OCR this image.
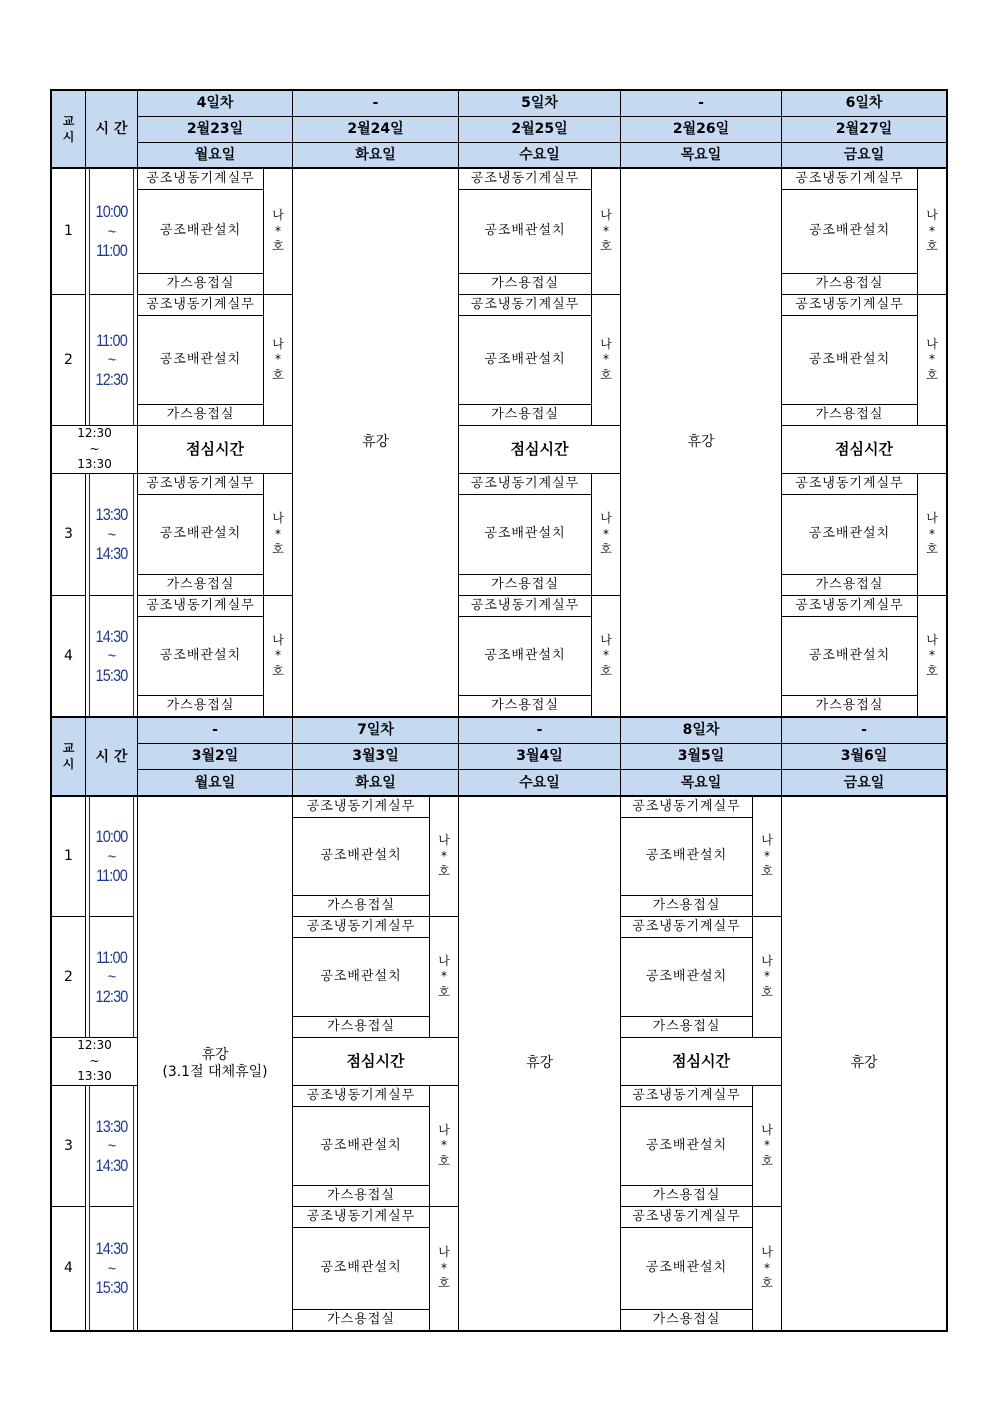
교
시 시 간
4일차
2월23일
월요일
공조냉동기계실무
공조배관설치
가스용접실
나
*
호
공조냉동기계실무
공조배관설치
가스용접실
나
*
호
공조냉동기계실무
공조배관설치
가스용접실
나
*
호
공조냉동기계실무
공조배관설치
가스용접실
나
*
호
점심시간
-
2월24일
화요일
휴강
5일차
2월25일
수요일
공조냉동기계실무
공조배관설치
가스용접실
나
*
호
공조냉동기계실무
공조배관설치
가스용접실
나
*
호
공조냉동기계실무
공조배관설치
가스용접실
나
*
호
공조냉동기계실무
공조배관설치
가스용접실
나
*
호
점심시간
-
2월26일
목요일
휴강
6일차
2월27일
금요일
공조냉동기계실무
공조배관설치
가스용접실
나
*
호
공조냉동기계실무
공조배관설치
가스용접실
나
*
호
공조냉동기계실무
공조배관설치
가스용접실
나
*
호
공조냉동기계실무
공조배관설치
가스용접실
나
*
호
점심시간
1
10:00
~
11:00
2
11:00
~
12:30
3
13:30
~
14:30
4
14:30
~
15:30
12:30
~
13:30
교
시 시 간
-
3월2일
월요일
휴강
(3.1절 대체휴일)
7일차
3월3일
화요일
공조냉동기계실무
공조배관설치
가스용접실
나
*
호
공조냉동기계실무
공조배관설치
가스용접실
나
*
호
공조냉동기계실무
공조배관설치
가스용접실
나
*
호
공조냉동기계실무
공조배관설치
가스용접실
나
*
호
점심시간
-
3월4일
수요일
휴강
8일차
3월5일
목요일
공조냉동기계실무
공조배관설치
가스용접실
나
*
호
공조냉동기계실무
공조배관설치
가스용접실
나
*
호
공조냉동기계실무
공조배관설치
가스용접실
나
*
호
공조냉동기계실무
공조배관설치
가스용접실
나
*
호
점심시간
-
3월6일
금요일
휴강
1
10:00
~
11:00
2
11:00
~
12:30
3
13:30
~
14:30
4
14:30
~
15:30
12:30
~
13:30
